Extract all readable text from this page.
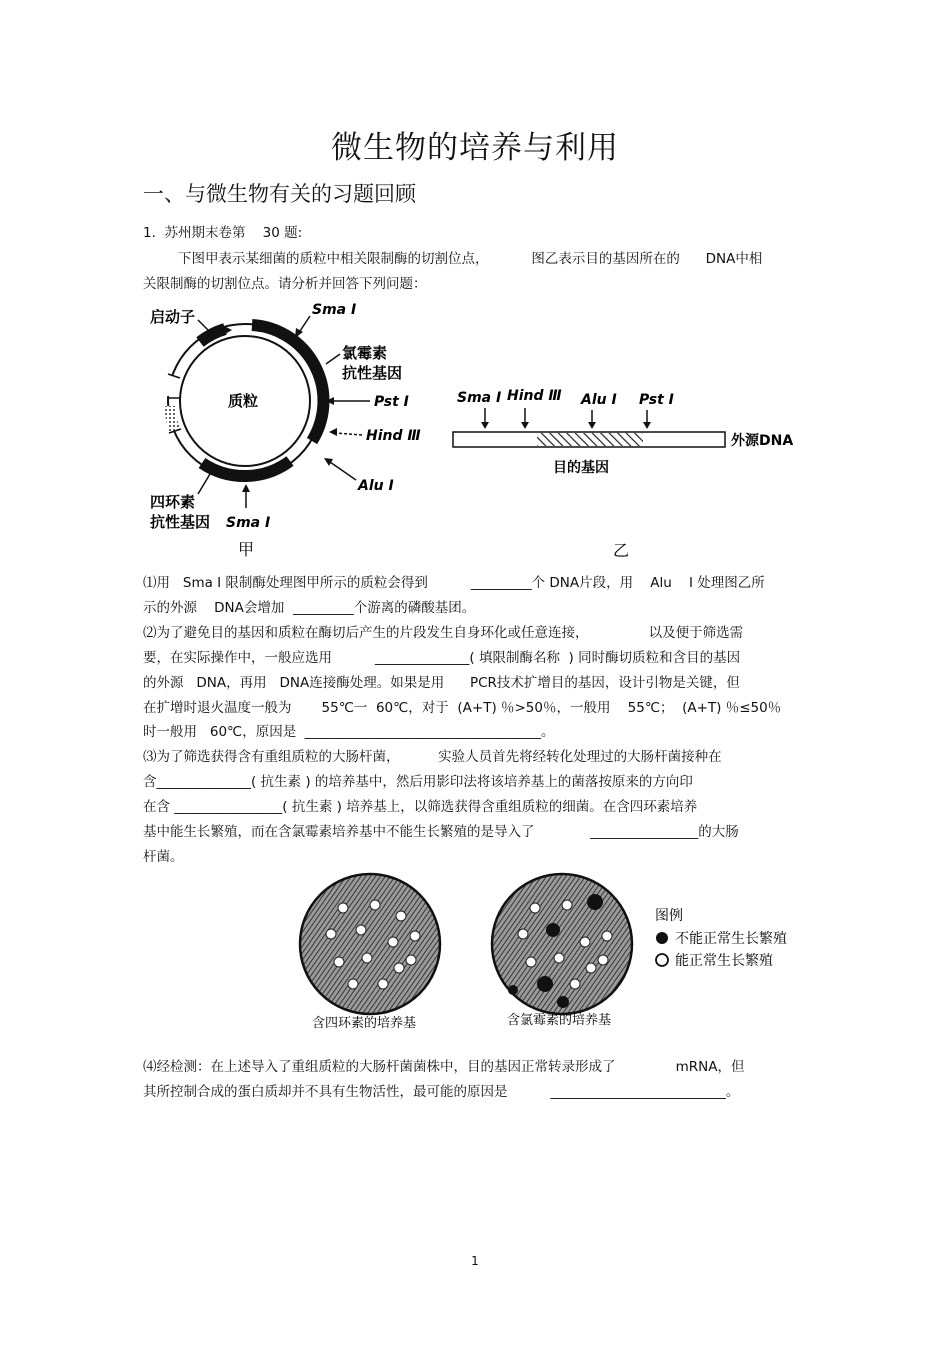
微生物的培养与利用
一、与微生物有关的习题回顾
1.  苏州期末卷第    30 题:
下图甲表示某细菌的质粒中相关限制酶的切割位点，          图乙表示目的基因所在的      DNA中相
关限制酶的切割位点。请分析并回答下列问题：
启动子	Sma Ⅰ
氯霉素
抗性基因
质粒	Pst Ⅰ
Hind Ⅲ
Alu Ⅰ
四环素
抗性基因 Sma Ⅰ
甲
Sma Ⅰ Hind Ⅲ Alu Ⅰ Pst Ⅰ
外源DNA
目的基因
乙
⑴用   Sma Ⅰ 限制酶处理图甲所示的质粒会得到          _________个 DNA片段，用    Alu    Ⅰ 处理图乙所
示的外源    DNA会增加  _________个游离的磷酸基团。
⑵为了避免目的基因和质粒在酶切后产生的片段发生自身环化或任意连接，              以及便于筛选需
要，在实际操作中，一般应选用          ______________( 填限制酶名称  ) 同时酶切质粒和含目的基因
的外源   DNA，再用   DNA连接酶处理。如果是用      PCR技术扩增目的基因，设计引物是关键，但
在扩增时退火温度一般为       55℃一  60℃，对于  (A+T) ％>50％，一般用    55℃；  (A+T) ％≤50％
时一般用   60℃，原因是  ___________________________________。
⑶为了筛选获得含有重组质粒的大肠杆菌，         实验人员首先将经转化处理过的大肠杆菌接种在
含______________( 抗生素 ) 的培养基中，然后用影印法将该培养基上的菌落按原来的方向印
在含 ________________( 抗生素 ) 培养基上，以筛选获得含重组质粒的细菌。在含四环素培养
基中能生长繁殖，而在含氯霉素培养基中不能生长繁殖的是导入了             ________________的大肠
杆菌。
图例
不能正常生长繁殖
能正常生长繁殖
含四环素的培养基	含氯霉素的培养基
⑷经检测：在上述导入了重组质粒的大肠杆菌菌株中，目的基因正常转录形成了              mRNA，但
其所控制合成的蛋白质却并不具有生物活性，最可能的原因是          __________________________。
1
